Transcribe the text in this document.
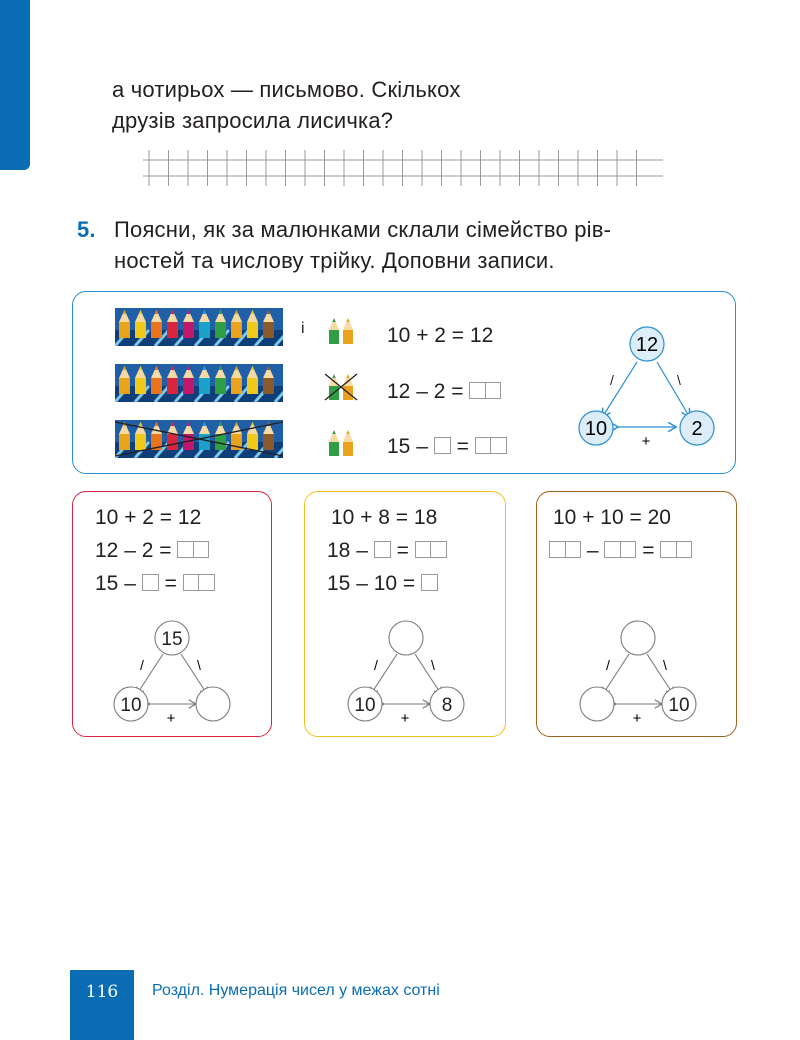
а чотирьох — письмово. Скількох
друзів запросила лисичка?
5. Поясни, як за малюнками склали сімейство рів-
ностей та числову трійку. Доповни записи.
і	10 + 2 = 12
12 – 2 =
15 – =
/	\
12
10	2
+
10 + 2 = 12
12 – 2 =
15 – =
/	\
15
10
+
10 + 8 = 18
18 – =
15 – 10 =
/	\
10	8
+
10 + 10 = 20
– =
/	\
10
+
116	Розділ. Нумерація чисел у межах сотні
